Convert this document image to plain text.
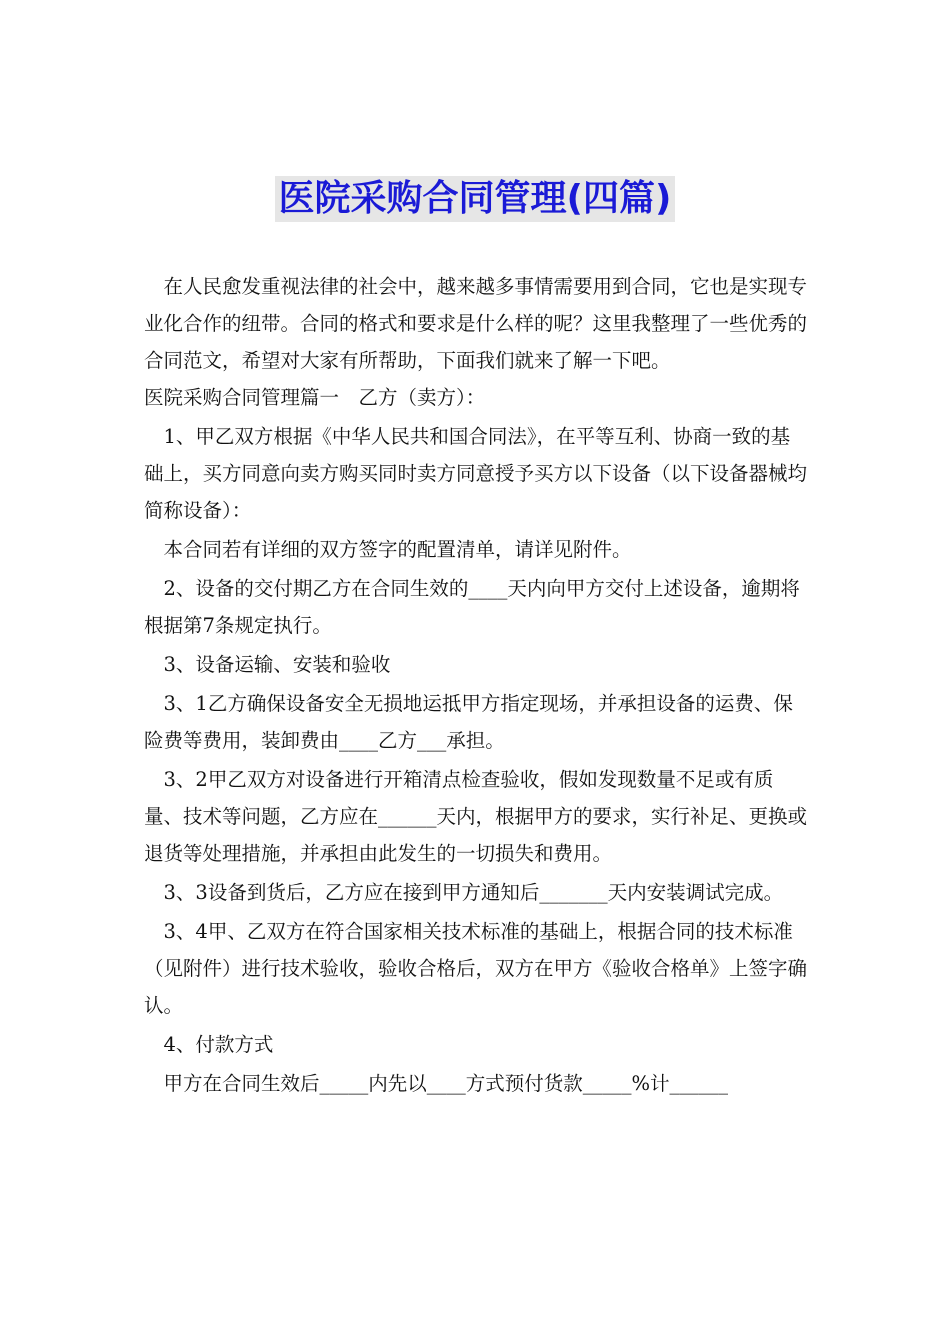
医院采购合同管理(四篇)

　在人民愈发重视法律的社会中，越来越多事情需要用到合同，它也是实现专业化合作的纽带。合同的格式和要求是什么样的呢？这里我整理了一些优秀的合同范文，希望对大家有所帮助，下面我们就来了解一下吧。

医院采购合同管理篇一　乙方（卖方）：

　1、甲乙双方根据《中华人民共和国合同法》，在平等互利、协商一致的基础上，买方同意向卖方购买同时卖方同意授予买方以下设备（以下设备器械均简称设备）：

　本合同若有详细的双方签字的配置清单，请详见附件。

　2、设备的交付期乙方在合同生效的____天内向甲方交付上述设备，逾期将根据第7条规定执行。

　3、设备运输、安装和验收

　3、1乙方确保设备安全无损地运抵甲方指定现场，并承担设备的运费、保险费等费用，装卸费由____乙方___承担。

　3、2甲乙双方对设备进行开箱清点检查验收，假如发现数量不足或有质量、技术等问题，乙方应在______天内，根据甲方的要求，实行补足、更换或退货等处理措施，并承担由此发生的一切损失和费用。

　3、3设备到货后，乙方应在接到甲方通知后_______天内安装调试完成。

　3、4甲、乙双方在符合国家相关技术标准的基础上，根据合同的技术标准（见附件）进行技术验收，验收合格后，双方在甲方《验收合格单》上签字确认。

　4、付款方式

　甲方在合同生效后_____内先以____方式预付货款_____%计______
